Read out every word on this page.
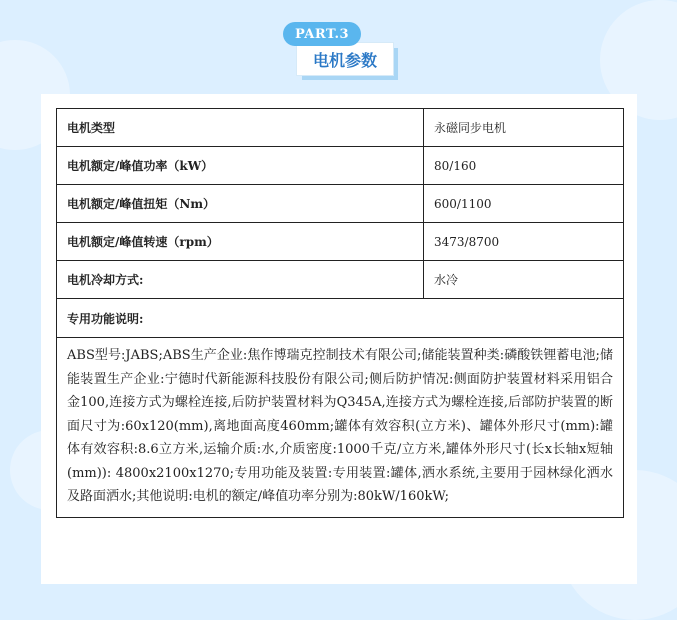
PART.3
电机参数
电机类型	永磁同步电机
电机额定/峰值功率（kW）	80/160
电机额定/峰值扭矩（Nm）	600/1100
电机额定/峰值转速（rpm）	3473/8700
电机冷却方式:	水冷
专用功能说明:	
ABS型号:JABS;ABS生产企业:焦作博瑞克控制技术有限公司;储能装置种类:磷酸铁锂蓄电池;储能装置生产企业:宁德时代新能源科技股份有限公司;侧后防护情况:侧面防护装置材料采用铝合金100,连接方式为螺栓连接,后防护装置材料为Q345A,连接方式为螺栓连接,后部防护装置的断面尺寸为:60x120(mm),离地面高度460mm;罐体有效容积(立方米)、罐体外形尺寸(mm):罐体有效容积:8.6立方米,运输介质:水,介质密度:1000千克/立方米,罐体外形尺寸(长x长轴x短轴(mm)): 4800x2100x1270;专用功能及装置:专用装置:罐体,洒水系统,主要用于园林绿化洒水及路面洒水;其他说明:电机的额定/峰值功率分别为:80kW/160kW;	
